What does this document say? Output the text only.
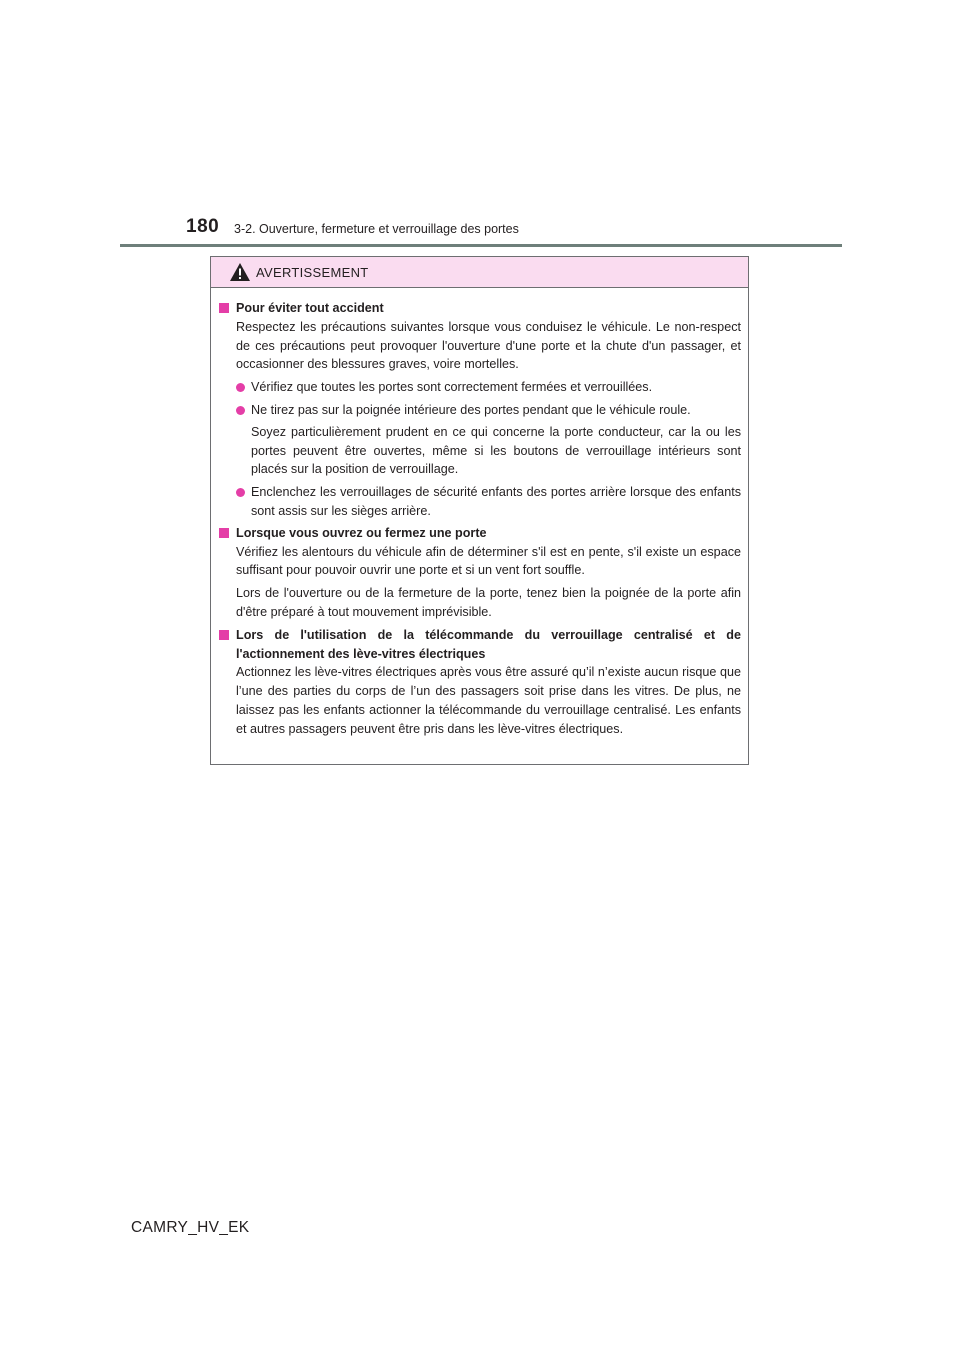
180 3-2. Ouverture, fermeture et verrouillage des portes
AVERTISSEMENT
Pour éviter tout accident
Respectez les précautions suivantes lorsque vous conduisez le véhicule. Le non-respect de ces précautions peut provoquer l'ouverture d'une porte et la chute d'un passager, et occasionner des blessures graves, voire mortelles.
Vérifiez que toutes les portes sont correctement fermées et verrouillées.
Ne tirez pas sur la poignée intérieure des portes pendant que le véhicule roule.
Soyez particulièrement prudent en ce qui concerne la porte conducteur, car la ou les portes peuvent être ouvertes, même si les boutons de verrouillage intérieurs sont placés sur la position de verrouillage.
Enclenchez les verrouillages de sécurité enfants des portes arrière lorsque des enfants sont assis sur les sièges arrière.
Lorsque vous ouvrez ou fermez une porte
Vérifiez les alentours du véhicule afin de déterminer s'il est en pente, s'il existe un espace suffisant pour pouvoir ouvrir une porte et si un vent fort souffle.
Lors de l'ouverture ou de la fermeture de la porte, tenez bien la poignée de la porte afin d'être préparé à tout mouvement imprévisible.
Lors de l'utilisation de la télécommande du verrouillage centralisé et de l'actionnement des lève-vitres électriques
Actionnez les lève-vitres électriques après vous être assuré qu’il n’existe aucun risque que l’une des parties du corps de l’un des passagers soit prise dans les vitres. De plus, ne laissez pas les enfants actionner la télécommande du verrouillage centralisé. Les enfants et autres passagers peuvent être pris dans les lève-vitres électriques.
CAMRY_HV_EK
